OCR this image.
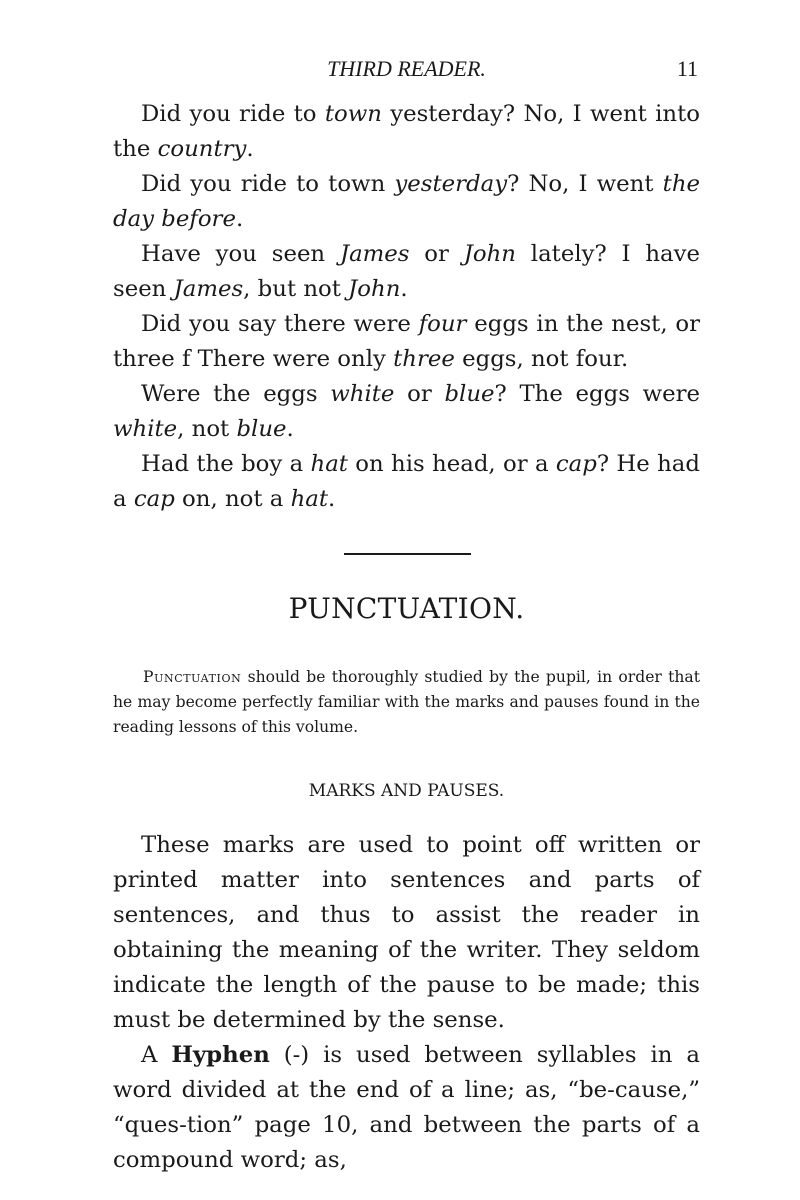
THIRD READER.	11

Did you ride to town yesterday? No, I went into the country.

Did you ride to town yesterday? No, I went the day before.

Have you seen James or John lately? I have seen James, but not John.

Did you say there were four eggs in the nest, or three f There were only three eggs, not four.

Were the eggs white or blue? The eggs were white, not blue.

Had the boy a hat on his head, or a cap? He had a cap on, not a hat.

PUNCTUATION.

Punctuation should be thoroughly studied by the pupil, in order that he may become perfectly familiar with the marks and pauses found in the reading lessons of this volume.

MARKS AND PAUSES.

These marks are used to point off written or printed matter into sentences and parts of sentences, and thus to assist the reader in obtaining the meaning of the writer. They seldom indicate the length of the pause to be made; this must be determined by the sense.

A Hyphen (-) is used between syllables in a word divided at the end of a line; as, “be-cause,” “ques-tion” page 10, and between the parts of a compound word; as,
